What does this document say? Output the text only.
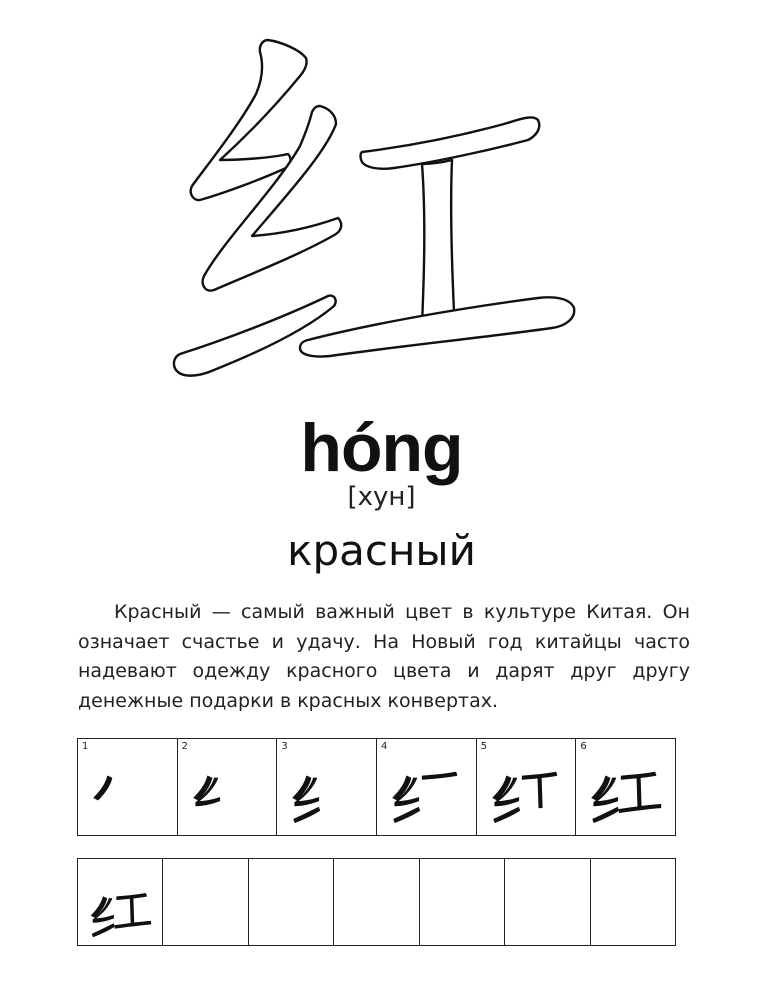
hóng
[хун]
красный
Красный — самый важный цвет в культуре Китая. Он означает счастье и удачу. На Новый год китайцы часто надевают одежду красного цвета и дарят друг другу денежные подарки в красных конвертах.
1	2	3	4	5	6
